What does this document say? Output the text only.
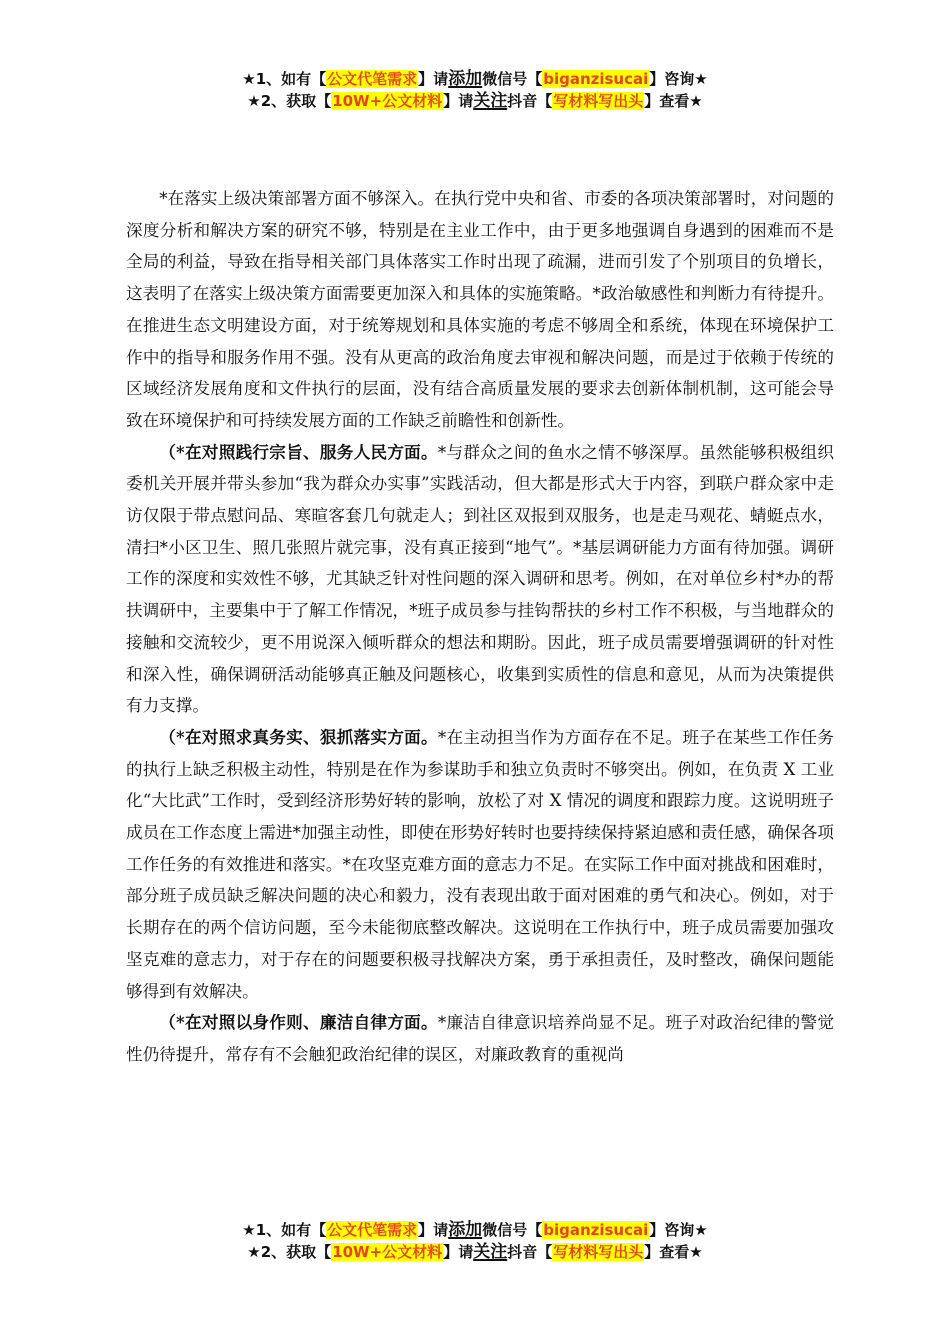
★1、如有【公文代笔需求】请添加微信号【biganzisucai】咨询★
★2、获取【10W+公文材料】请关注抖音【写材料写出头】查看★

*在落实上级决策部署方面不够深入。在执行党中央和省、市委的各项决策部署时，对问题的深度分析和解决方案的研究不够，特别是在主业工作中，由于更多地强调自身遇到的困难而不是全局的利益，导致在指导相关部门具体落实工作时出现了疏漏，进而引发了个别项目的负增长，这表明了在落实上级决策方面需要更加深入和具体的实施策略。*政治敏感性和判断力有待提升。在推进生态文明建设方面，对于统筹规划和具体实施的考虑不够周全和系统，体现在环境保护工作中的指导和服务作用不强。没有从更高的政治角度去审视和解决问题，而是过于依赖于传统的区域经济发展角度和文件执行的层面，没有结合高质量发展的要求去创新体制机制，这可能会导致在环境保护和可持续发展方面的工作缺乏前瞻性和创新性。

（*在对照践行宗旨、服务人民方面。*与群众之间的鱼水之情不够深厚。虽然能够积极组织委机关开展并带头参加“我为群众办实事”实践活动，但大都是形式大于内容，到联户群众家中走访仅限于带点慰问品、寒暄客套几句就走人；到社区双报到双服务，也是走马观花、蜻蜓点水，清扫*小区卫生、照几张照片就完事，没有真正接到“地气”。*基层调研能力方面有待加强。调研工作的深度和实效性不够，尤其缺乏针对性问题的深入调研和思考。例如，在对单位乡村*办的帮扶调研中，主要集中于了解工作情况，*班子成员参与挂钩帮扶的乡村工作不积极，与当地群众的接触和交流较少，更不用说深入倾听群众的想法和期盼。因此，班子成员需要增强调研的针对性和深入性，确保调研活动能够真正触及问题核心，收集到实质性的信息和意见，从而为决策提供有力支撑。

（*在对照求真务实、狠抓落实方面。*在主动担当作为方面存在不足。班子在某些工作任务的执行上缺乏积极主动性，特别是在作为参谋助手和独立负责时不够突出。例如，在负责 X 工业化“大比武”工作时，受到经济形势好转的影响，放松了对 X 情况的调度和跟踪力度。这说明班子成员在工作态度上需进*加强主动性，即使在形势好转时也要持续保持紧迫感和责任感，确保各项工作任务的有效推进和落实。*在攻坚克难方面的意志力不足。在实际工作中面对挑战和困难时，部分班子成员缺乏解决问题的决心和毅力，没有表现出敢于面对困难的勇气和决心。例如，对于长期存在的两个信访问题，至今未能彻底整改解决。这说明在工作执行中，班子成员需要加强攻坚克难的意志力，对于存在的问题要积极寻找解决方案，勇于承担责任，及时整改，确保问题能够得到有效解决。

（*在对照以身作则、廉洁自律方面。*廉洁自律意识培养尚显不足。班子对政治纪律的警觉性仍待提升，常存有不会触犯政治纪律的误区，对廉政教育的重视尚

★1、如有【公文代笔需求】请添加微信号【biganzisucai】咨询★
★2、获取【10W+公文材料】请关注抖音【写材料写出头】查看★
